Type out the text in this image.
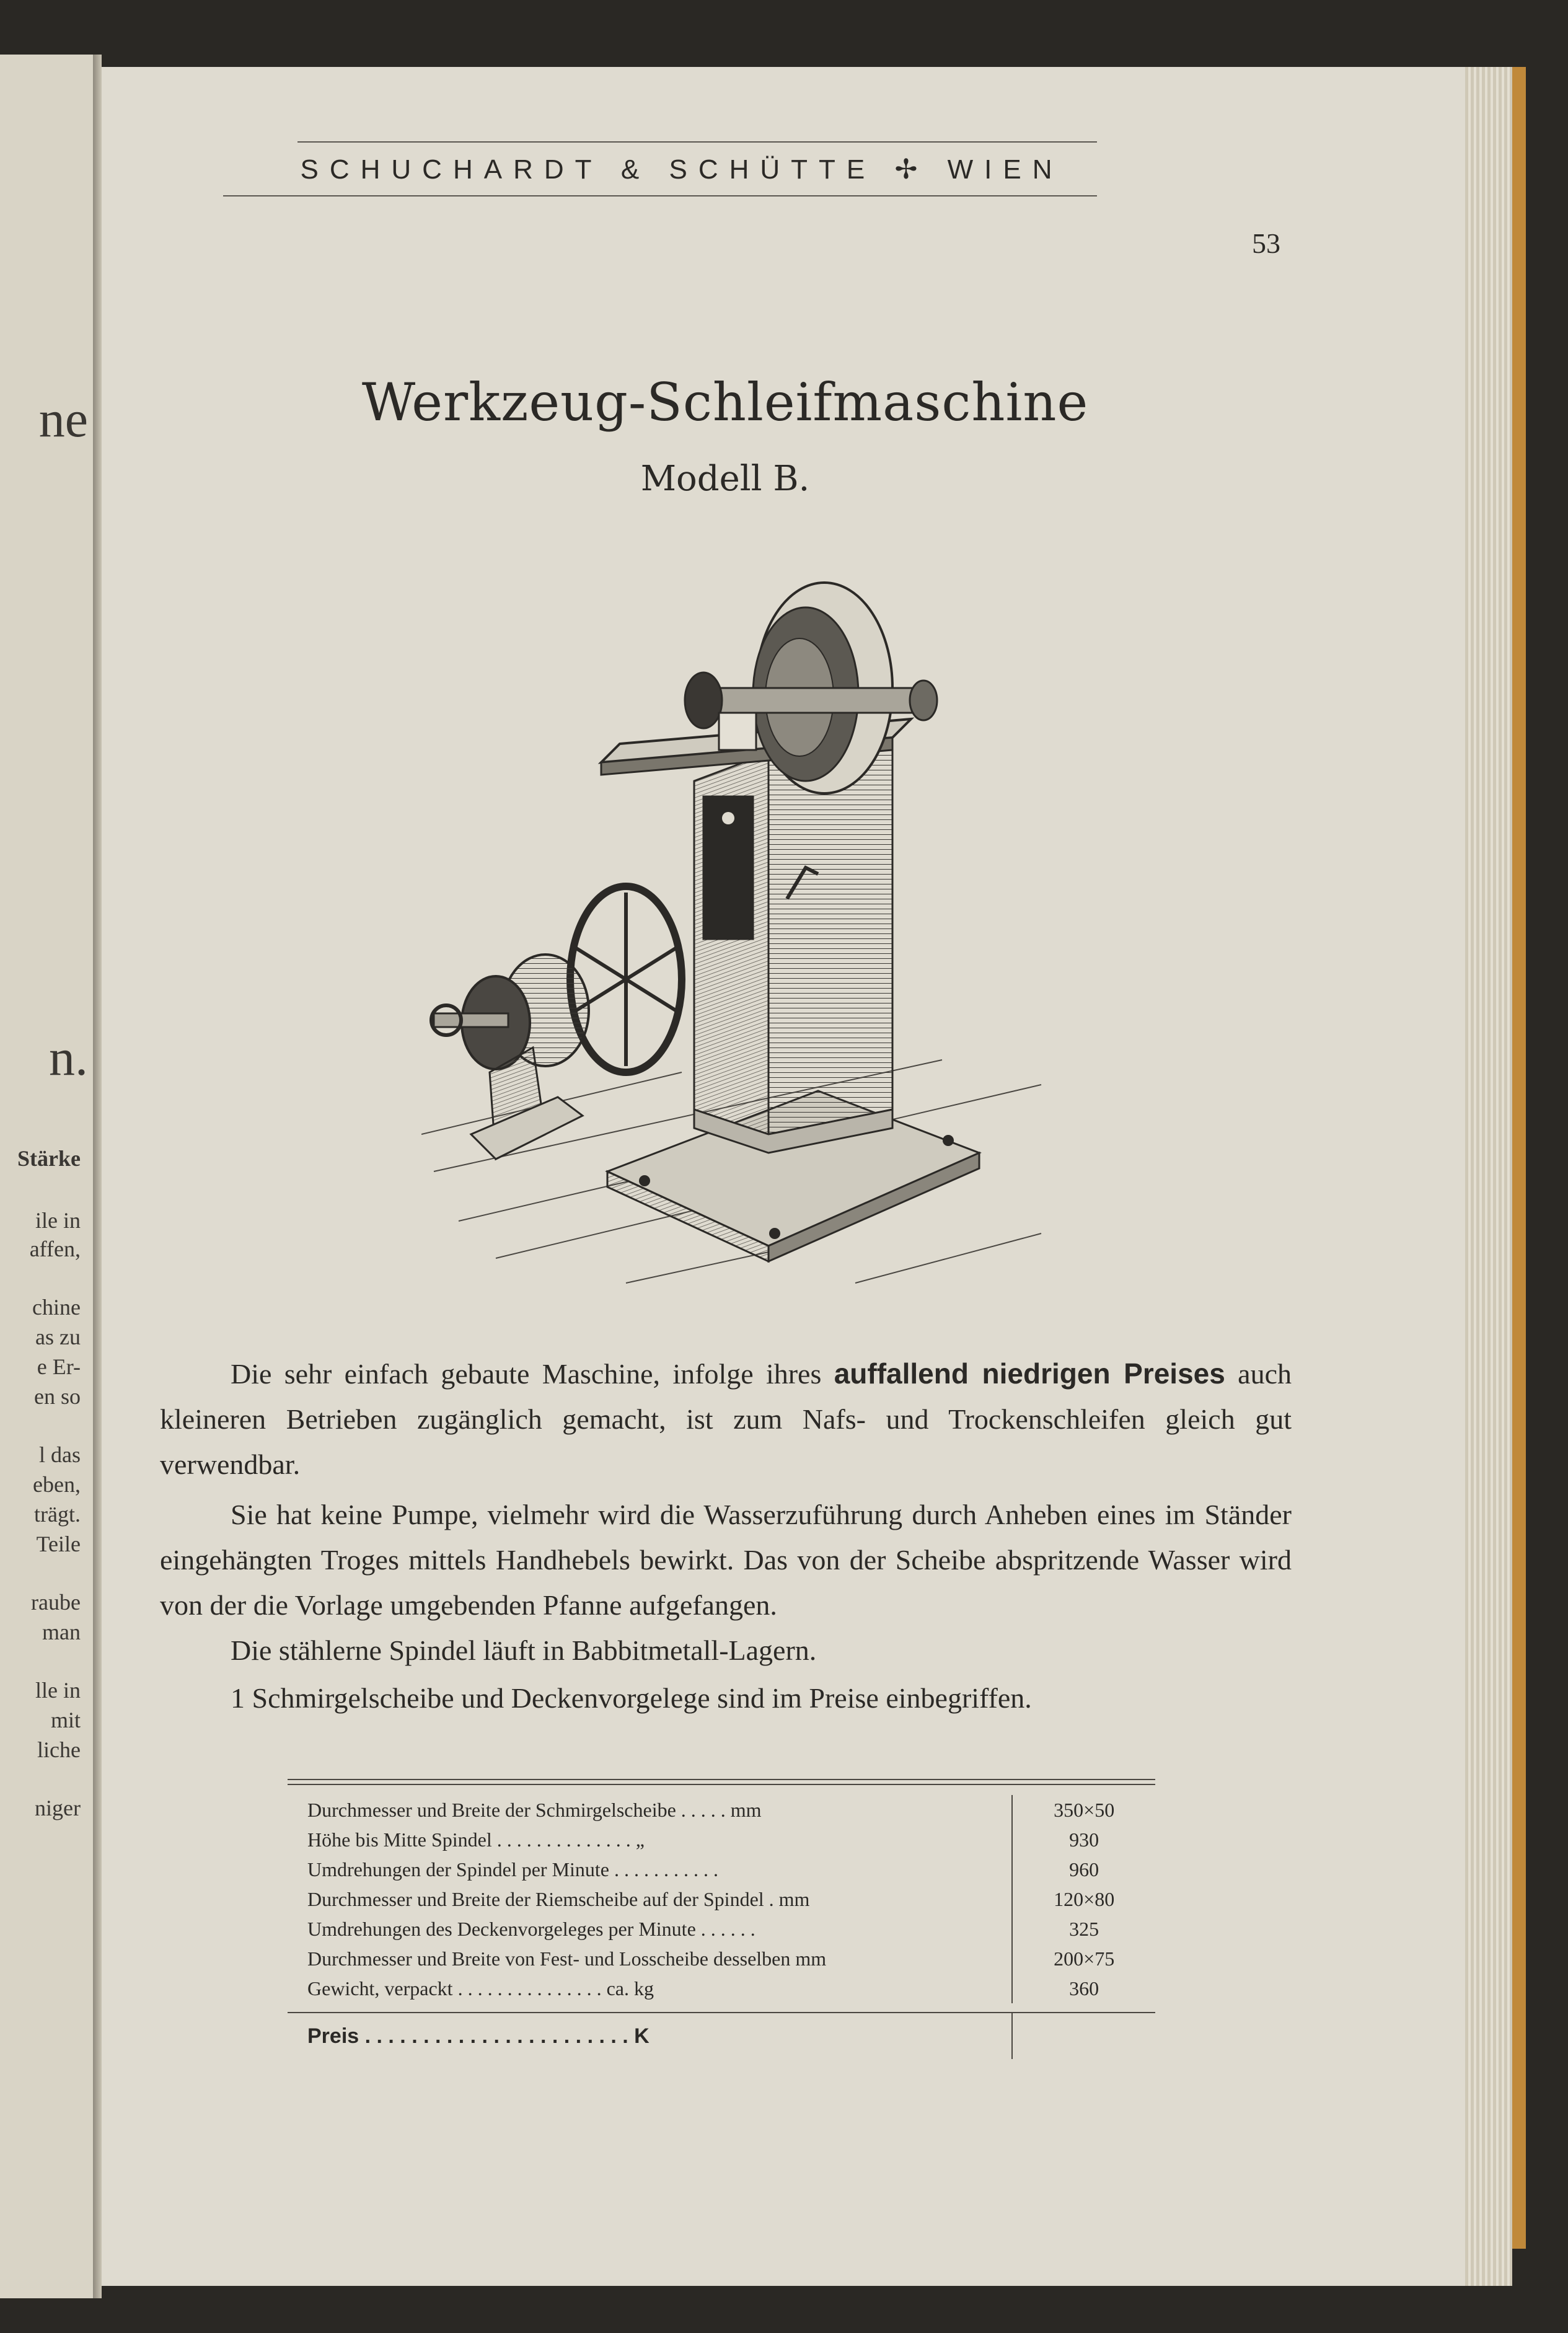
ne
n.
Stärke
ile in
affen,
chine
as zu
e Er-
en so
l das
eben,
trägt.
Teile
raube
man
lle in
mit
liche
niger
SCHUCHARDT & SCHÜTTE ✢ WIEN
53
Werkzeug-Schleifmaschine
Modell B.
Die sehr einfach gebaute Maschine, infolge ihres auffallend niedrigen Preises auch kleineren Betrieben zugänglich gemacht, ist zum Nafs- und Trockenschleifen gleich gut verwendbar.
Sie hat keine Pumpe, vielmehr wird die Wasserzuführung durch Anheben eines im Ständer eingehängten Troges mittels Handhebels bewirkt. Das von der Scheibe abspritzende Wasser wird von der die Vorlage umgebenden Pfanne aufgefangen.
Die stählerne Spindel läuft in Babbitmetall-Lagern.
1 Schmirgelscheibe und Deckenvorgelege sind im Preise einbegriffen.
Durchmesser und Breite der Schmirgelscheibe . . . . . mm	350×50
Höhe bis Mitte Spindel . . . . . . . . . . . . . . „	930
Umdrehungen der Spindel per Minute . . . . . . . . . . .	960
Durchmesser und Breite der Riemscheibe auf der Spindel . mm	120×80
Umdrehungen des Deckenvorgeleges per Minute . . . . . .	325
Durchmesser und Breite von Fest- und Losscheibe desselben mm	200×75
Gewicht, verpackt . . . . . . . . . . . . . . . ca. kg	360
Preis . . . . . . . . . . . . . . . . . . . . . . . K
